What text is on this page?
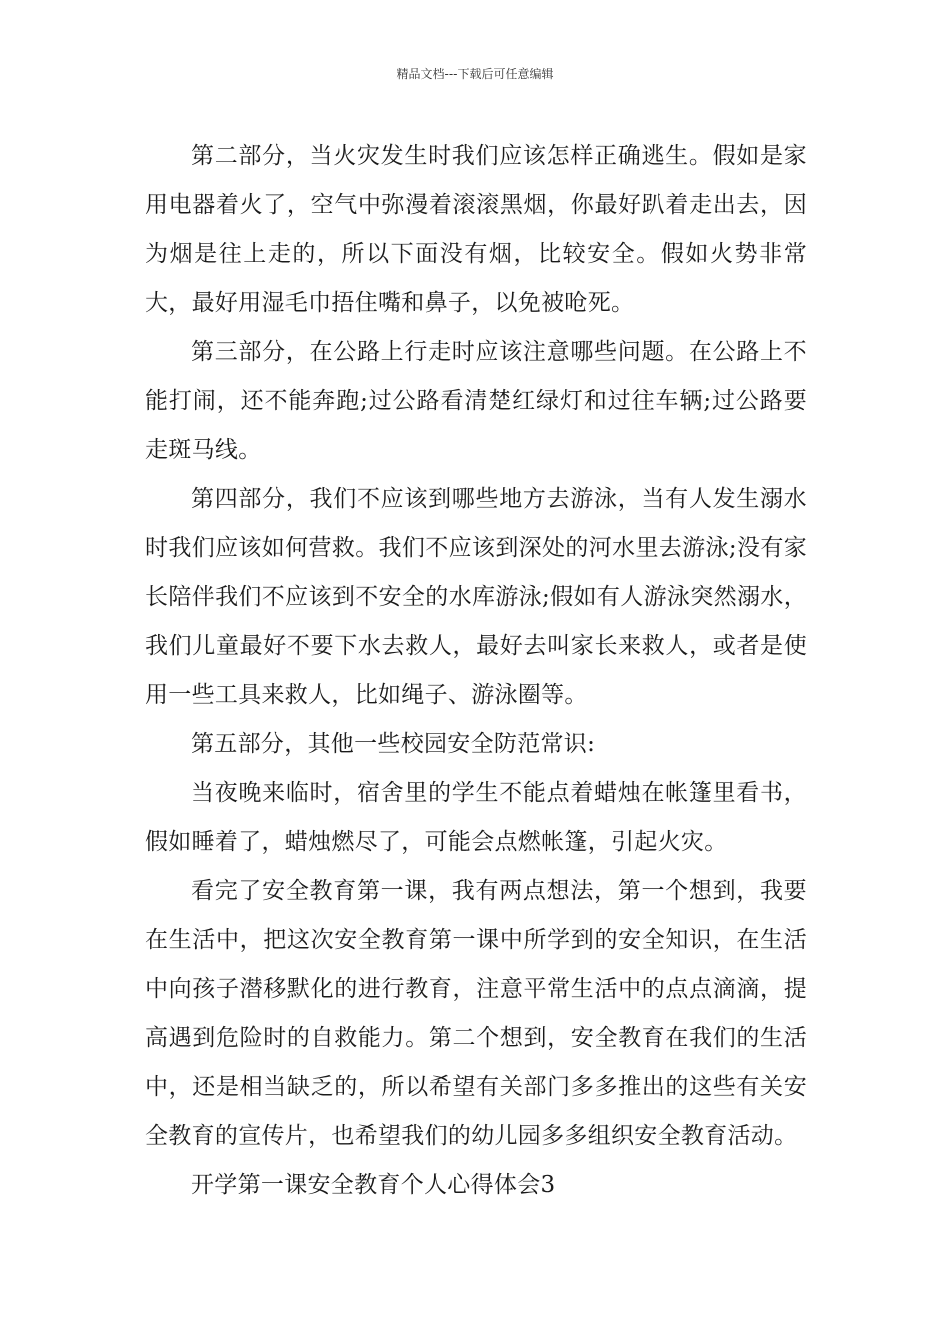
精品文档---下载后可任意编辑

第二部分，当火灾发生时我们应该怎样正确逃生。假如是家用电器着火了，空气中弥漫着滚滚黑烟，你最好趴着走出去，因为烟是往上走的，所以下面没有烟，比较安全。假如火势非常大，最好用湿毛巾捂住嘴和鼻子，以免被呛死。

第三部分，在公路上行走时应该注意哪些问题。在公路上不能打闹，还不能奔跑;过公路看清楚红绿灯和过往车辆;过公路要走斑马线。

第四部分，我们不应该到哪些地方去游泳，当有人发生溺水时我们应该如何营救。我们不应该到深处的河水里去游泳;没有家长陪伴我们不应该到不安全的水库游泳;假如有人游泳突然溺水，我们儿童最好不要下水去救人，最好去叫家长来救人，或者是使用一些工具来救人，比如绳子、游泳圈等。

第五部分，其他一些校园安全防范常识:

当夜晚来临时，宿舍里的学生不能点着蜡烛在帐篷里看书，假如睡着了，蜡烛燃尽了，可能会点燃帐篷，引起火灾。

看完了安全教育第一课，我有两点想法，第一个想到，我要在生活中，把这次安全教育第一课中所学到的安全知识，在生活中向孩子潜移默化的进行教育，注意平常生活中的点点滴滴，提高遇到危险时的自救能力。第二个想到，安全教育在我们的生活中，还是相当缺乏的，所以希望有关部门多多推出的这些有关安全教育的宣传片，也希望我们的幼儿园多多组织安全教育活动。

开学第一课安全教育个人心得体会3
